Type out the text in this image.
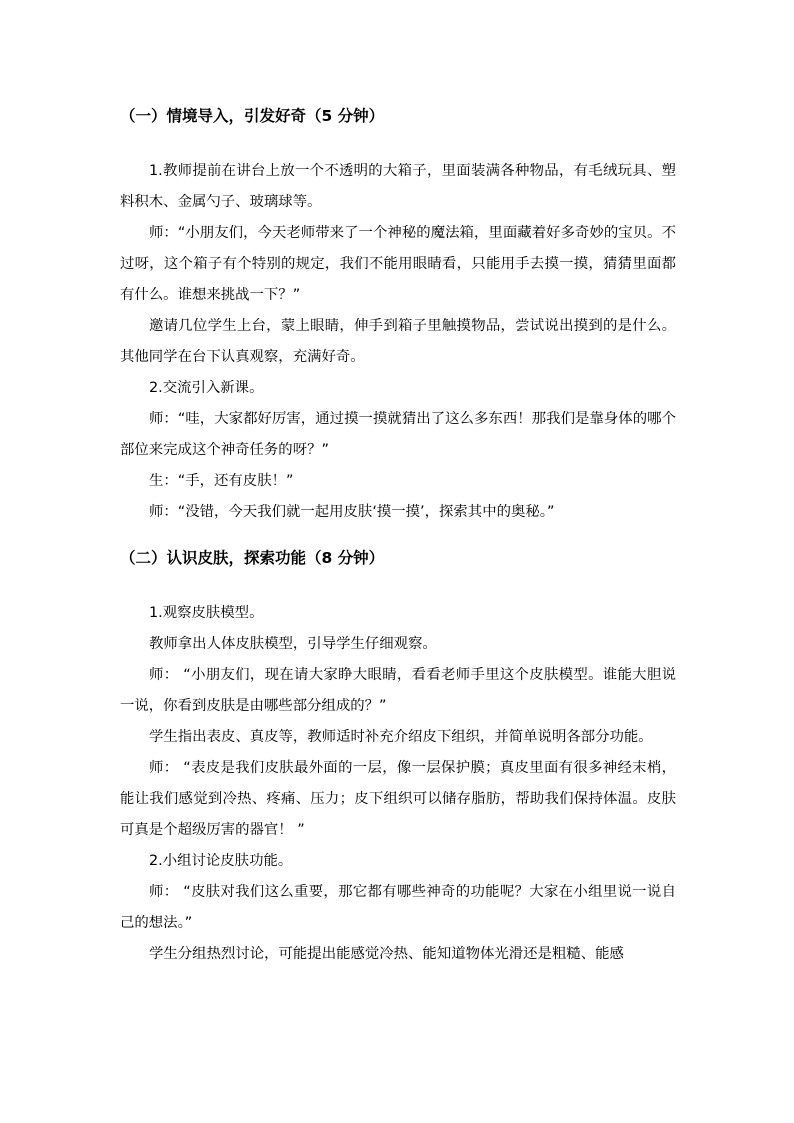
（一）情境导入，引发好奇（5 分钟）

1.教师提前在讲台上放一个不透明的大箱子，里面装满各种物品，有毛绒玩具、塑料积木、金属勺子、玻璃球等。

师：“小朋友们，今天老师带来了一个神秘的魔法箱，里面藏着好多奇妙的宝贝。不过呀，这个箱子有个特别的规定，我们不能用眼睛看，只能用手去摸一摸，猜猜里面都有什么。谁想来挑战一下？”

邀请几位学生上台，蒙上眼睛，伸手到箱子里触摸物品，尝试说出摸到的是什么。其他同学在台下认真观察，充满好奇。

2.交流引入新课。

师：“哇，大家都好厉害，通过摸一摸就猜出了这么多东西！那我们是靠身体的哪个部位来完成这个神奇任务的呀？”

生：“手，还有皮肤！”

师：“没错，今天我们就一起用皮肤‘摸一摸’，探索其中的奥秘。”

（二）认识皮肤，探索功能（8 分钟）

1.观察皮肤模型。

教师拿出人体皮肤模型，引导学生仔细观察。

师： “小朋友们，现在请大家睁大眼睛，看看老师手里这个皮肤模型。谁能大胆说一说，你看到皮肤是由哪些部分组成的？”

学生指出表皮、真皮等，教师适时补充介绍皮下组织，并简单说明各部分功能。

师： “表皮是我们皮肤最外面的一层，像一层保护膜；真皮里面有很多神经末梢，能让我们感觉到冷热、疼痛、压力；皮下组织可以储存脂肪，帮助我们保持体温。皮肤可真是个超级厉害的器官！ ”

2.小组讨论皮肤功能。

师： “皮肤对我们这么重要，那它都有哪些神奇的功能呢？大家在小组里说一说自己的想法。”

学生分组热烈讨论，可能提出能感觉冷热、能知道物体光滑还是粗糙、能感
